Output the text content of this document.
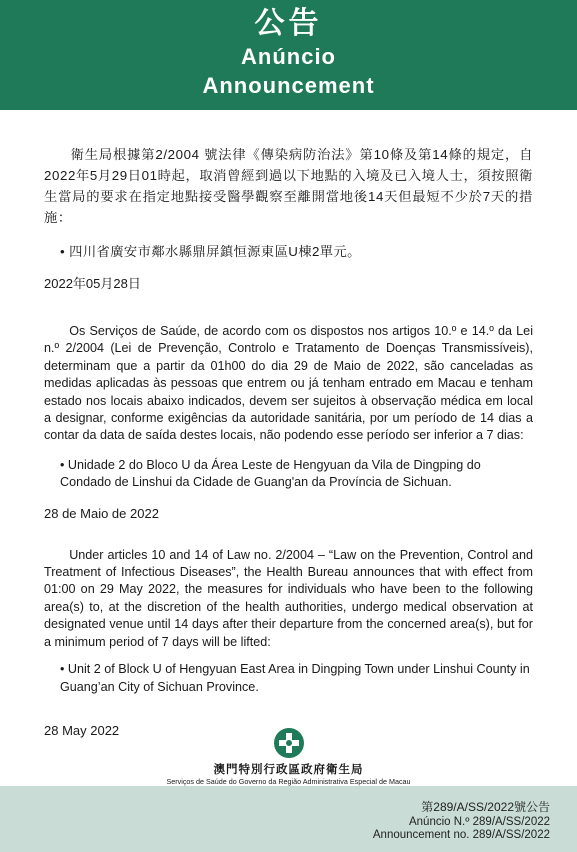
公告
Anúncio
Announcement

衛生局根據第2/2004 號法律《傳染病防治法》第10條及第14條的規定，自2022年5月29日01時起，取消曾經到過以下地點的入境及已入境人士，須按照衛生當局的要求在指定地點接受醫學觀察至離開當地後14天但最短不少於7天的措施：

• 四川省廣安市鄰水縣鼎屏鎮恒源東區U棟2單元。

2022年05月28日

Os Serviços de Saúde, de acordo com os dispostos nos artigos 10.º e 14.º da Lei n.º 2/2004 (Lei de Prevenção, Controlo e Tratamento de Doenças Transmissíveis), determinam que a partir da 01h00 do dia 29 de Maio de 2022, são canceladas as medidas aplicadas às pessoas que entrem ou já tenham entrado em Macau e tenham estado nos locais abaixo indicados, devem ser sujeitos à observação médica em local a designar, conforme exigências da autoridade sanitária, por um período de 14 dias a contar da data de saída destes locais, não podendo esse período ser inferior a 7 dias:

• Unidade 2 do Bloco U da Área Leste de Hengyuan da Vila de Dingping do Condado de Linshui da Cidade de Guang'an da Província de Sichuan.

28 de Maio de 2022

Under articles 10 and 14 of Law no. 2/2004 – “Law on the Prevention, Control and Treatment of Infectious Diseases”, the Health Bureau announces that with effect from 01:00 on 29 May 2022, the measures for individuals who have been to the following area(s) to, at the discretion of the health authorities, undergo medical observation at designated venue until 14 days after their departure from the concerned area(s), but for a minimum period of 7 days will be lifted:

• Unit 2 of Block U of Hengyuan East Area in Dingping Town under Linshui County in Guang’an City of Sichuan Province.

28 May 2022

澳門特別行政區政府衛生局
Serviços de Saúde do Governo da Região Administrativa Especial de Macau
第289/A/SS/2022號公告
Anúncio N.º 289/A/SS/2022
Announcement no. 289/A/SS/2022
